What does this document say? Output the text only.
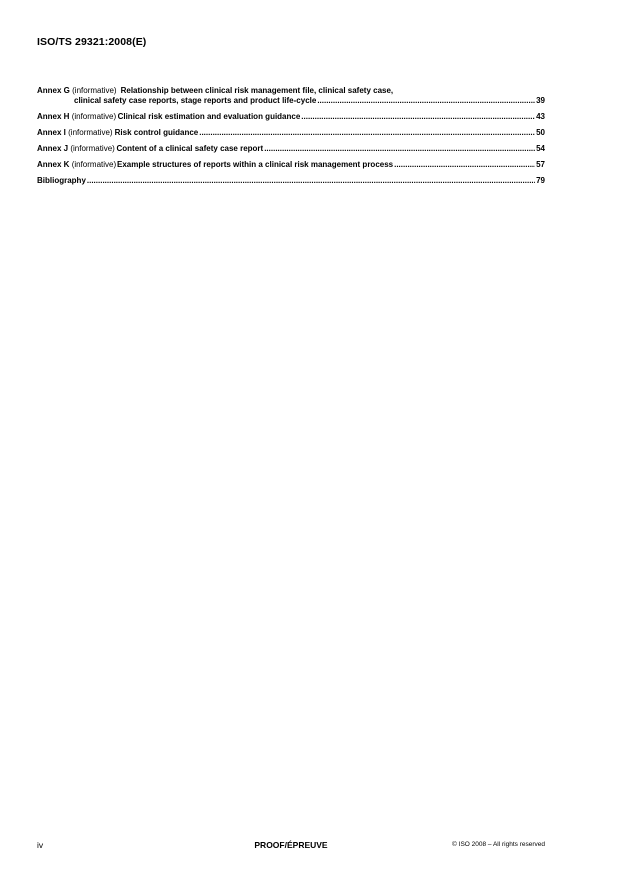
ISO/TS 29321:2008(E)
Annex G
(informative) Relationship between clinical risk management file, clinical safety case,
clinical safety case reports, stage reports and product life-cycle .....	39
Annex H
(informative) Clinical risk estimation and evaluation guidance .....	43
Annex I
(informative) Risk control guidance .....	50
Annex J
(informative) Content of a clinical safety case report .....	54
Annex K
(informative) Example structures of reports within a clinical risk management process .....	57
Bibliography .....	79
iv	PROOF/ÉPREUVE	© ISO 2008 – All rights reserved
